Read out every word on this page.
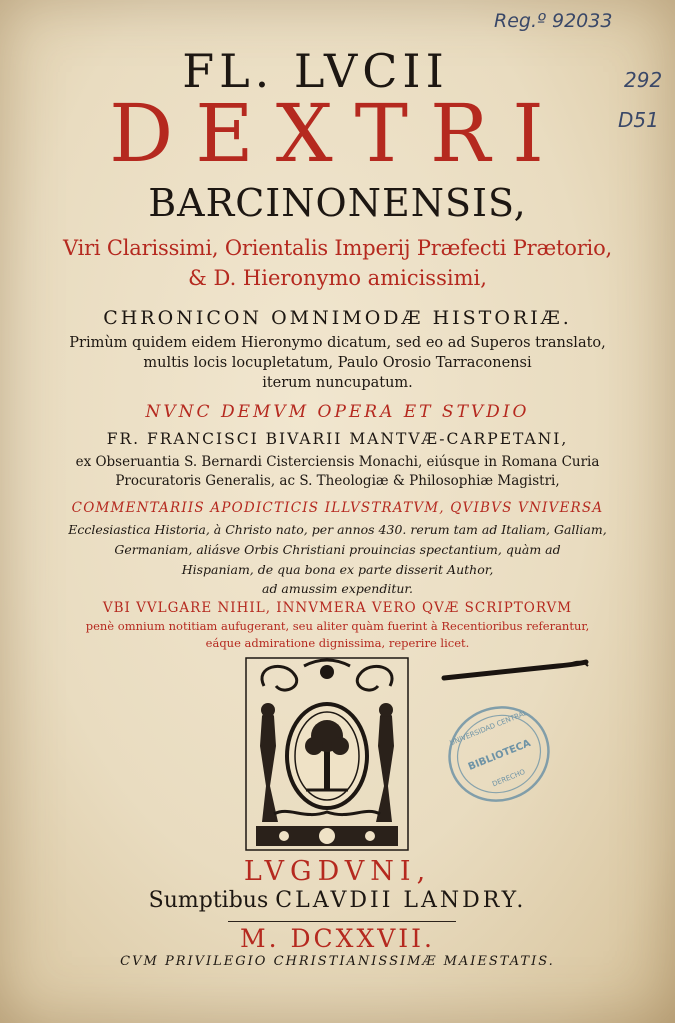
Reg.º 92033
292
D51
FL. LVCII
DEXTRI
BARCINONENSIS,
Viri Clarissimi, Orientalis Imperij Præfecti Prætorio,
& D. Hieronymo amicissimi,
CHRONICON OMNIMODÆ HISTORIÆ.
Primùm quidem eidem Hieronymo dicatum, sed eo ad Superos translato,
multis locis locupletatum, Paulo Orosio Tarraconensi
iterum nuncupatum.
NVNC DEMVM OPERA ET STVDIO
FR. FRANCISCI BIVARII MANTVÆ-CARPETANI,
ex Obseruantia S. Bernardi Cisterciensis Monachi, eiúsque in Romana Curia
Procuratoris Generalis, ac S. Theologiæ & Philosophiæ Magistri,
COMMENTARIIS APODICTICIS ILLVSTRATVM, QVIBVS VNIVERSA
Ecclesiastica Historia, à Christo nato, per annos 430. rerum tam ad Italiam, Galliam,
Germaniam, aliásve Orbis Christiani prouincias spectantium, quàm ad
Hispaniam, de qua bona ex parte disserit Author,
ad amussim expenditur.
VBI VVLGARE NIHIL, INNVMERA VERO QVÆ SCRIPTORVM
penè omnium notitiam aufugerant, seu aliter quàm fuerint à Recentioribus referantur,
eáque admiratione dignissima, reperire licet.
UNIVERSIDAD CENTRAL
BIBLIOTECA
DERECHO
LVGDVNI,
Sumptibus CLAVDII LANDRY.
M. DCXXVII.
CVM PRIVILEGIO CHRISTIANISSIMÆ MAIESTATIS.
